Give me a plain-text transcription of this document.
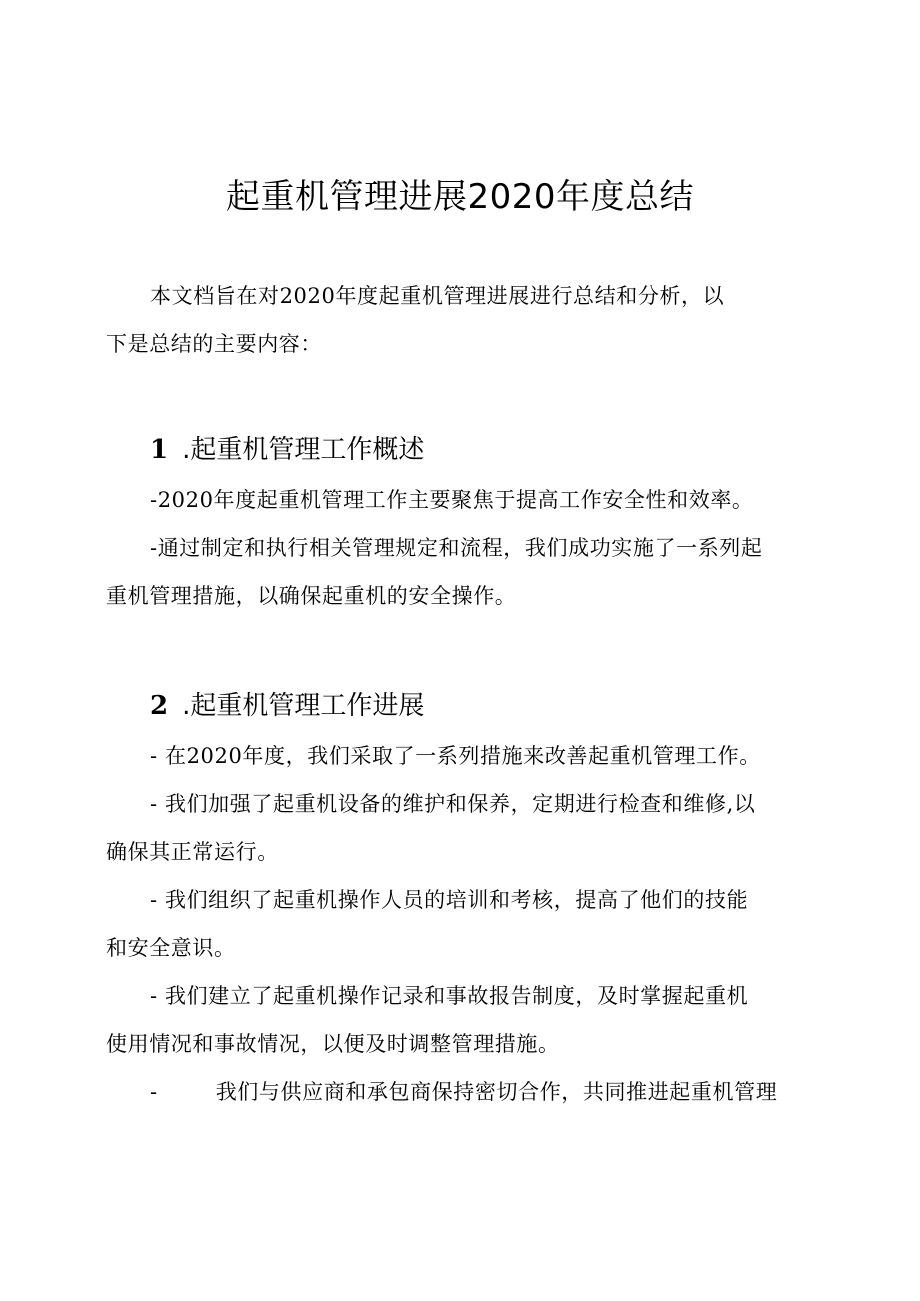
起重机管理进展2020年度总结
本文档旨在对2020年度起重机管理进展进行总结和分析，以
下是总结的主要内容：
1 .起重机管理工作概述
-2020年度起重机管理工作主要聚焦于提高工作安全性和效率。
-通过制定和执行相关管理规定和流程，我们成功实施了一系列起
重机管理措施，以确保起重机的安全操作。
2 .起重机管理工作进展
- 在2020年度，我们采取了一系列措施来改善起重机管理工作。
- 我们加强了起重机设备的维护和保养，定期进行检查和维修,以
确保其正常运行。
- 我们组织了起重机操作人员的培训和考核，提高了他们的技能
和安全意识。
- 我们建立了起重机操作记录和事故报告制度，及时掌握起重机
使用情况和事故情况，以便及时调整管理措施。
-	我们与供应商和承包商保持密切合作，共同推进起重机管理
